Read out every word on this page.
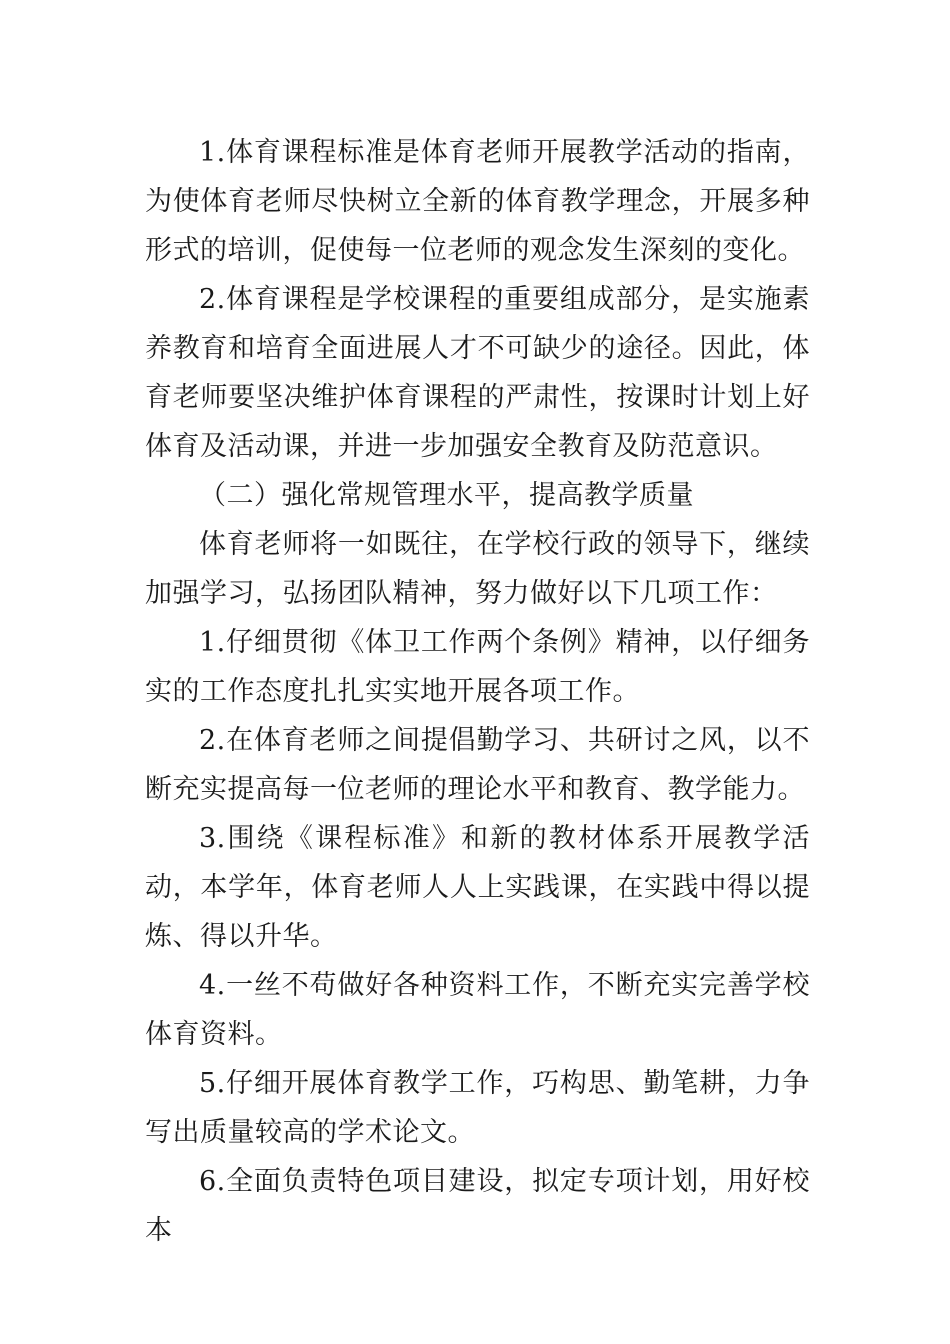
1.体育课程标准是体育老师开展教学活动的指南，为使体育老师尽快树立全新的体育教学理念，开展多种形式的培训，促使每一位老师的观念发生深刻的变化。

2.体育课程是学校课程的重要组成部分，是实施素养教育和培育全面进展人才不可缺少的途径。因此，体育老师要坚决维护体育课程的严肃性，按课时计划上好体育及活动课，并进一步加强安全教育及防范意识。

（二）强化常规管理水平，提高教学质量

体育老师将一如既往，在学校行政的领导下，继续加强学习，弘扬团队精神，努力做好以下几项工作：

1.仔细贯彻《体卫工作两个条例》精神，以仔细务实的工作态度扎扎实实地开展各项工作。

2.在体育老师之间提倡勤学习、共研讨之风，以不断充实提高每一位老师的理论水平和教育、教学能力。

3.围绕《课程标准》和新的教材体系开展教学活动，本学年，体育老师人人上实践课，在实践中得以提炼、得以升华。

4.一丝不苟做好各种资料工作，不断充实完善学校体育资料。

5.仔细开展体育教学工作，巧构思、勤笔耕，力争写出质量较高的学术论文。

6.全面负责特色项目建设，拟定专项计划，用好校本
